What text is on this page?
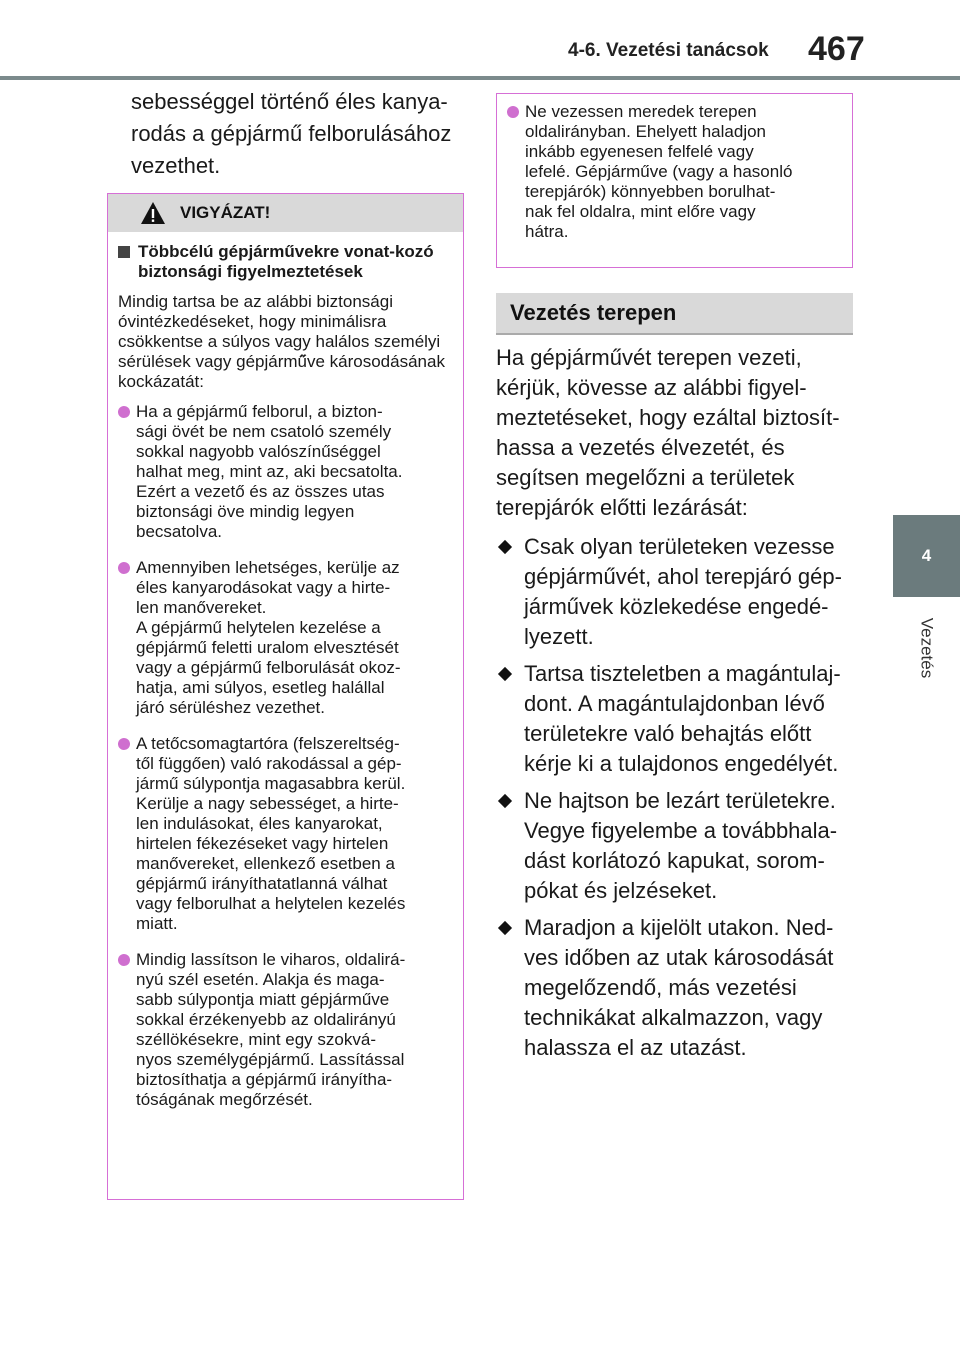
4-6. Vezetési tanácsok 467
4
Vezetés
sebességgel történő éles kanya-rodás a gépjármű felborulásához vezethet.
VIGYÁZAT!
Többcélú gépjárművekre vonat-kozó biztonsági figyelmeztetések
Mindig tartsa be az alábbi biztonsági óvintézkedéseket, hogy minimálisra csökkentse a súlyos vagy halálos személyi sérülések vagy gépjármű̋ve károsodásának kockázatát:
Ha a gépjármű felborul, a bizton-
sági övét be nem csatoló személy
sokkal nagyobb valószínűséggel
halhat meg, mint az, aki becsatolta.
Ezért a vezető és az összes utas
biztonsági öve mindig legyen
becsatolva.
Amennyiben lehetséges, kerülje az
éles kanyarodásokat vagy a hirte-
len manővereket.
A gépjármű helytelen kezelése a
gépjármű feletti uralom elvesztését
vagy a gépjármű felborulását okoz-
hatja, ami súlyos, esetleg halállal
járó sérüléshez vezethet.
A tetőcsomagtartóra (felszereltség-
től függően) való rakodással a gép-
jármű súlypontja magasabbra kerül.
Kerülje a nagy sebességet, a hirte-
len indulásokat, éles kanyarokat,
hirtelen fékezéseket vagy hirtelen
manővereket, ellenkező esetben a
gépjármű irányíthatatlanná válhat
vagy felborulhat a helytelen kezelés
miatt.
Mindig lassítson le viharos, oldalirá-
nyú szél esetén. Alakja és maga-
sabb súlypontja miatt gépjárműve
sokkal érzékenyebb az oldalirányú
széllökésekre, mint egy szokvá-
nyos személygépjármű. Lassítással
biztosíthatja a gépjármű irányítha-
tóságának megőrzését.
Ne vezessen meredek terepen
oldalirányban. Ehelyett haladjon
inkább egyenesen felfelé vagy
lefelé. Gépjárműve (vagy a hasonló
terepjárók) könnyebben borulhat-
nak fel oldalra, mint előre vagy
hátra.
Vezetés terepen
Ha gépjárművét terepen vezeti,
kérjük, kövesse az alábbi figyel-
meztetéseket, hogy ezáltal biztosít-
hassa a vezetés élvezetét, és
segítsen megelőzni a területek
terepjárók előtti lezárását:
Csak olyan területeken vezesse
gépjárművét, ahol terepjáró gép-
járművek közlekedése engedé-
lyezett.
Tartsa tiszteletben a magántulaj-
dont. A magántulajdonban lévő
területekre való behajtás előtt
kérje ki a tulajdonos engedélyét.
Ne hajtson be lezárt területekre.
Vegye figyelembe a továbbhala-
dást korlátozó kapukat, sorom-
pókat és jelzéseket.
Maradjon a kijelölt utakon. Ned-
ves időben az utak károsodását
megelőzendő, más vezetési
technikákat alkalmazzon, vagy
halassza el az utazást.
